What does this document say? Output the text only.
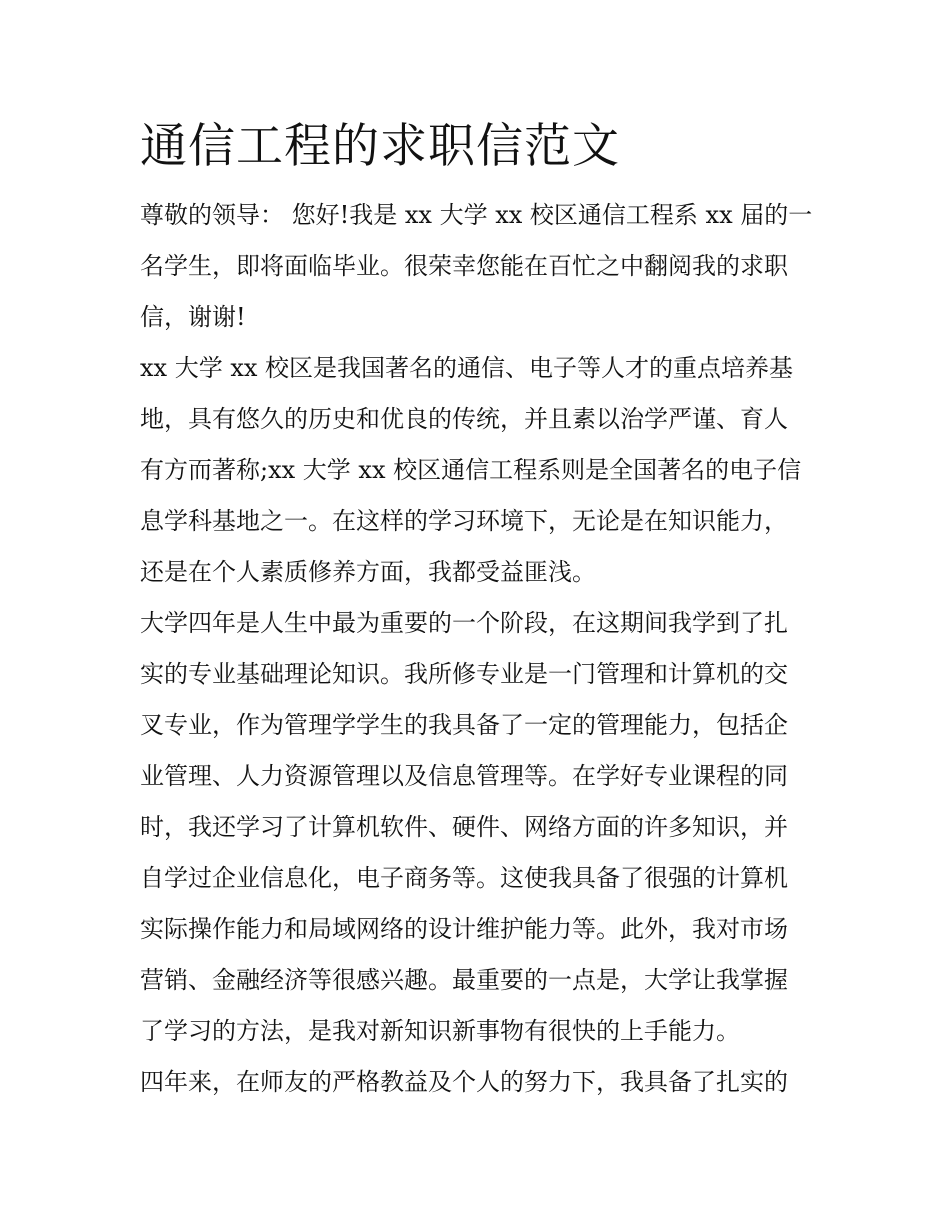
通信工程的求职信范文

尊敬的领导： 您好!我是 xx 大学 xx 校区通信工程系 xx 届的一

名学生，即将面临毕业。很荣幸您能在百忙之中翻阅我的求职

信，谢谢!

xx 大学 xx 校区是我国著名的通信、电子等人才的重点培养基

地，具有悠久的历史和优良的传统，并且素以治学严谨、育人

有方而著称;xx 大学 xx 校区通信工程系则是全国著名的电子信

息学科基地之一。在这样的学习环境下，无论是在知识能力，

还是在个人素质修养方面，我都受益匪浅。

大学四年是人生中最为重要的一个阶段，在这期间我学到了扎

实的专业基础理论知识。我所修专业是一门管理和计算机的交

叉专业，作为管理学学生的我具备了一定的管理能力，包括企

业管理、人力资源管理以及信息管理等。在学好专业课程的同

时，我还学习了计算机软件、硬件、网络方面的许多知识，并

自学过企业信息化，电子商务等。这使我具备了很强的计算机

实际操作能力和局域网络的设计维护能力等。此外，我对市场

营销、金融经济等很感兴趣。最重要的一点是，大学让我掌握

了学习的方法，是我对新知识新事物有很快的上手能力。

四年来，在师友的严格教益及个人的努力下，我具备了扎实的
